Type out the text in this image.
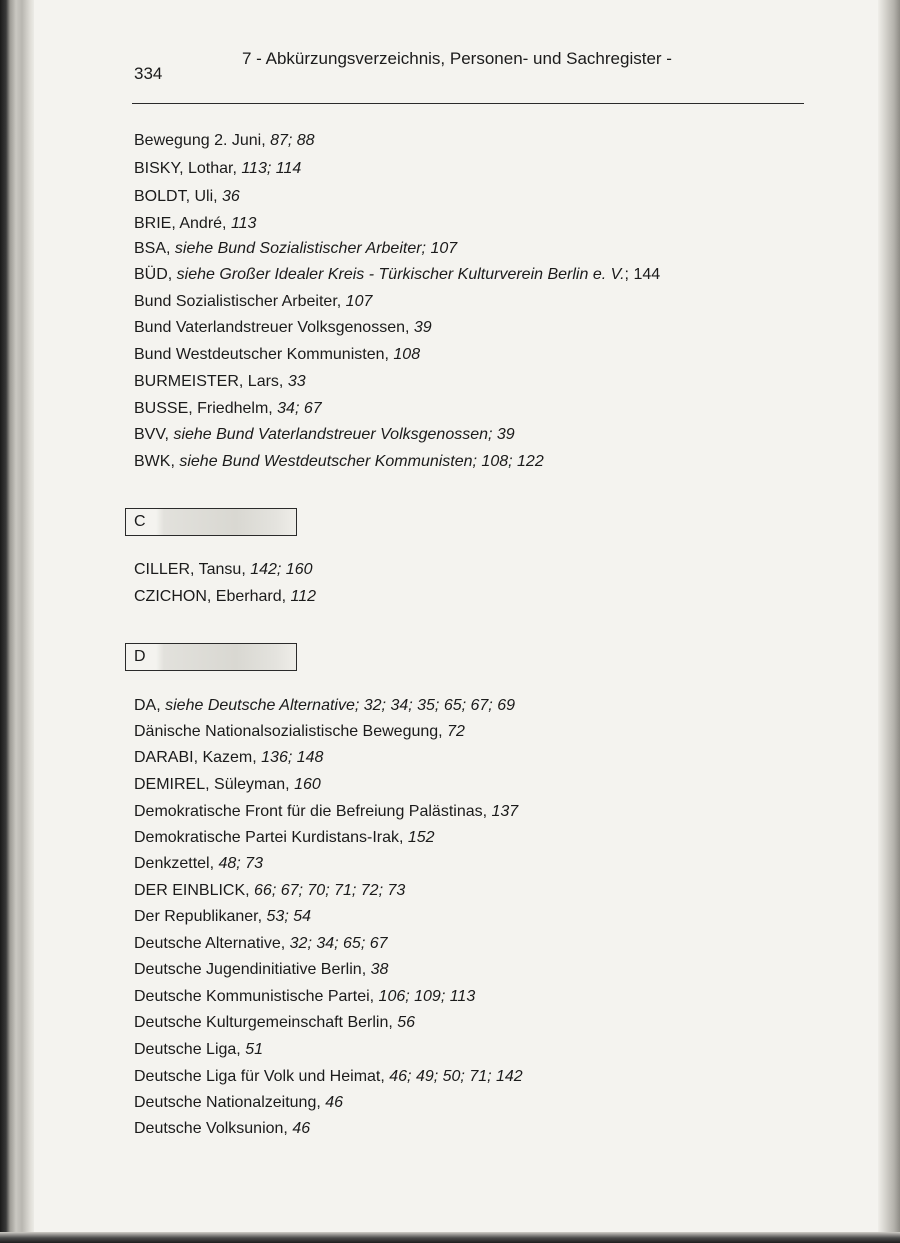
334

7 - Abkürzungsverzeichnis, Personen- und Sachregister -

Bewegung 2. Juni, 87; 88
BISKY, Lothar, 113; 114
BOLDT, Uli, 36
BRIE, André, 113
BSA, siehe Bund Sozialistischer Arbeiter; 107
BÜD, siehe Großer Idealer Kreis - Türkischer Kulturverein Berlin e. V.; 144
Bund Sozialistischer Arbeiter, 107
Bund Vaterlandstreuer Volksgenossen, 39
Bund Westdeutscher Kommunisten, 108
BURMEISTER, Lars, 33
BUSSE, Friedhelm, 34; 67
BVV, siehe Bund Vaterlandstreuer Volksgenossen; 39
BWK, siehe Bund Westdeutscher Kommunisten; 108; 122
C
CILLER, Tansu, 142; 160
CZICHON, Eberhard, 112
D
DA, siehe Deutsche Alternative; 32; 34; 35; 65; 67; 69
Dänische Nationalsozialistische Bewegung, 72
DARABI, Kazem, 136; 148
DEMIREL, Süleyman, 160
Demokratische Front für die Befreiung Palästinas, 137
Demokratische Partei Kurdistans-Irak, 152
Denkzettel, 48; 73
DER EINBLICK, 66; 67; 70; 71; 72; 73
Der Republikaner, 53; 54
Deutsche Alternative, 32; 34; 65; 67
Deutsche Jugendinitiative Berlin, 38
Deutsche Kommunistische Partei, 106; 109; 113
Deutsche Kulturgemeinschaft Berlin, 56
Deutsche Liga, 51
Deutsche Liga für Volk und Heimat, 46; 49; 50; 71; 142
Deutsche Nationalzeitung, 46
Deutsche Volksunion, 46
